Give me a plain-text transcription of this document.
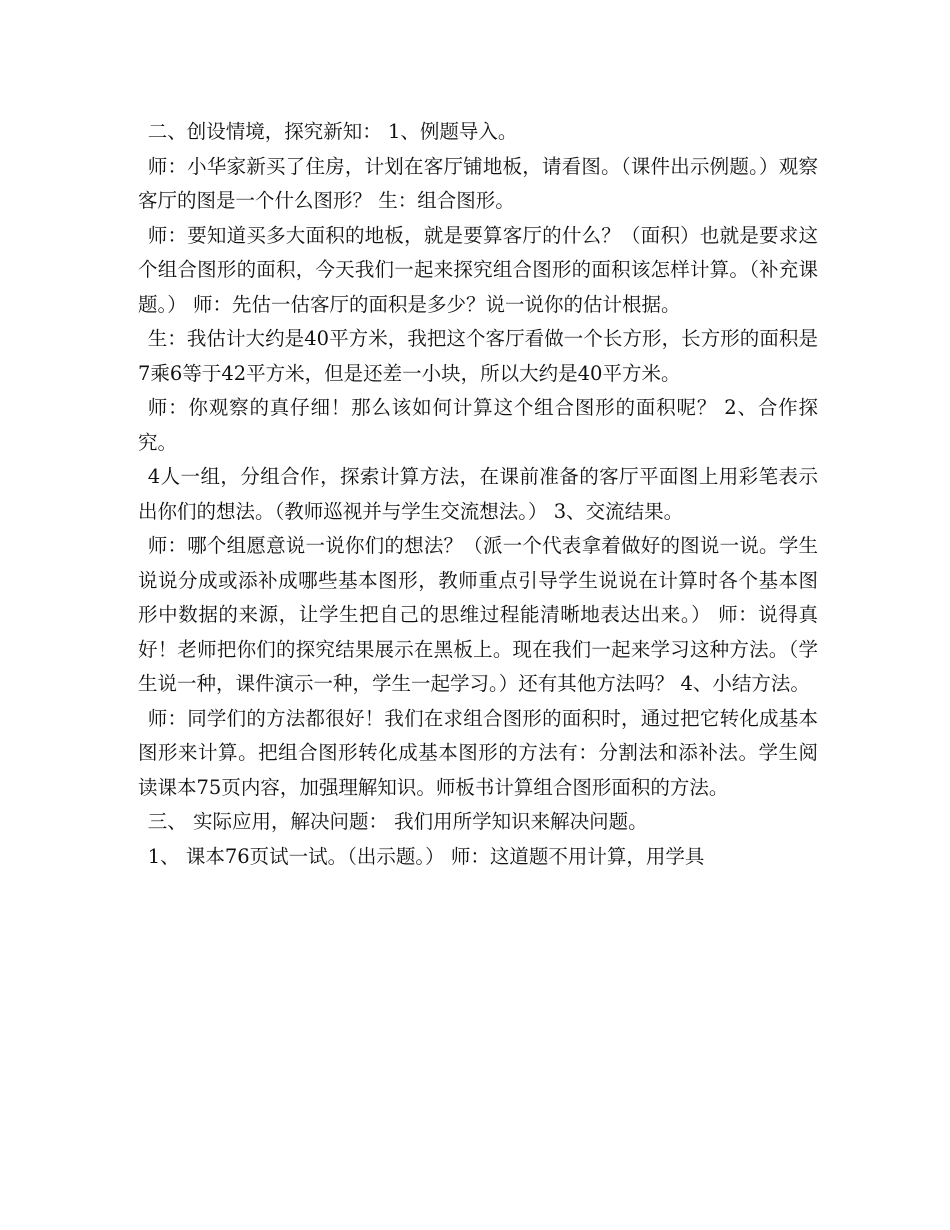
二、创设情境，探究新知： 1、例题导入。

师：小华家新买了住房，计划在客厅铺地板，请看图。（课件出示例题。）观察客厅的图是一个什么图形？ 生：组合图形。

师：要知道买多大面积的地板，就是要算客厅的什么？（面积）也就是要求这个组合图形的面积，今天我们一起来探究组合图形的面积该怎样计算。（补充课题。） 师：先估一估客厅的面积是多少？说一说你的估计根据。

生：我估计大约是40平方米，我把这个客厅看做一个长方形，长方形的面积是7乘6等于42平方米，但是还差一小块，所以大约是40平方米。

师：你观察的真仔细！那么该如何计算这个组合图形的面积呢？ 2、合作探究。

4人一组，分组合作，探索计算方法，在课前准备的客厅平面图上用彩笔表示出你们的想法。（教师巡视并与学生交流想法。） 3、交流结果。

师：哪个组愿意说一说你们的想法？（派一个代表拿着做好的图说一说。学生说说分成或添补成哪些基本图形，教师重点引导学生说说在计算时各个基本图形中数据的来源，让学生把自己的思维过程能清晰地表达出来。） 师：说得真好！老师把你们的探究结果展示在黑板上。现在我们一起来学习这种方法。（学生说一种，课件演示一种，学生一起学习。）还有其他方法吗？ 4、小结方法。

师：同学们的方法都很好！我们在求组合图形的面积时，通过把它转化成基本图形来计算。把组合图形转化成基本图形的方法有：分割法和添补法。学生阅读课本75页内容，加强理解知识。师板书计算组合图形面积的方法。

三、 实际应用，解决问题： 我们用所学知识来解决问题。

1、 课本76页试一试。（出示题。） 师：这道题不用计算，用学具
